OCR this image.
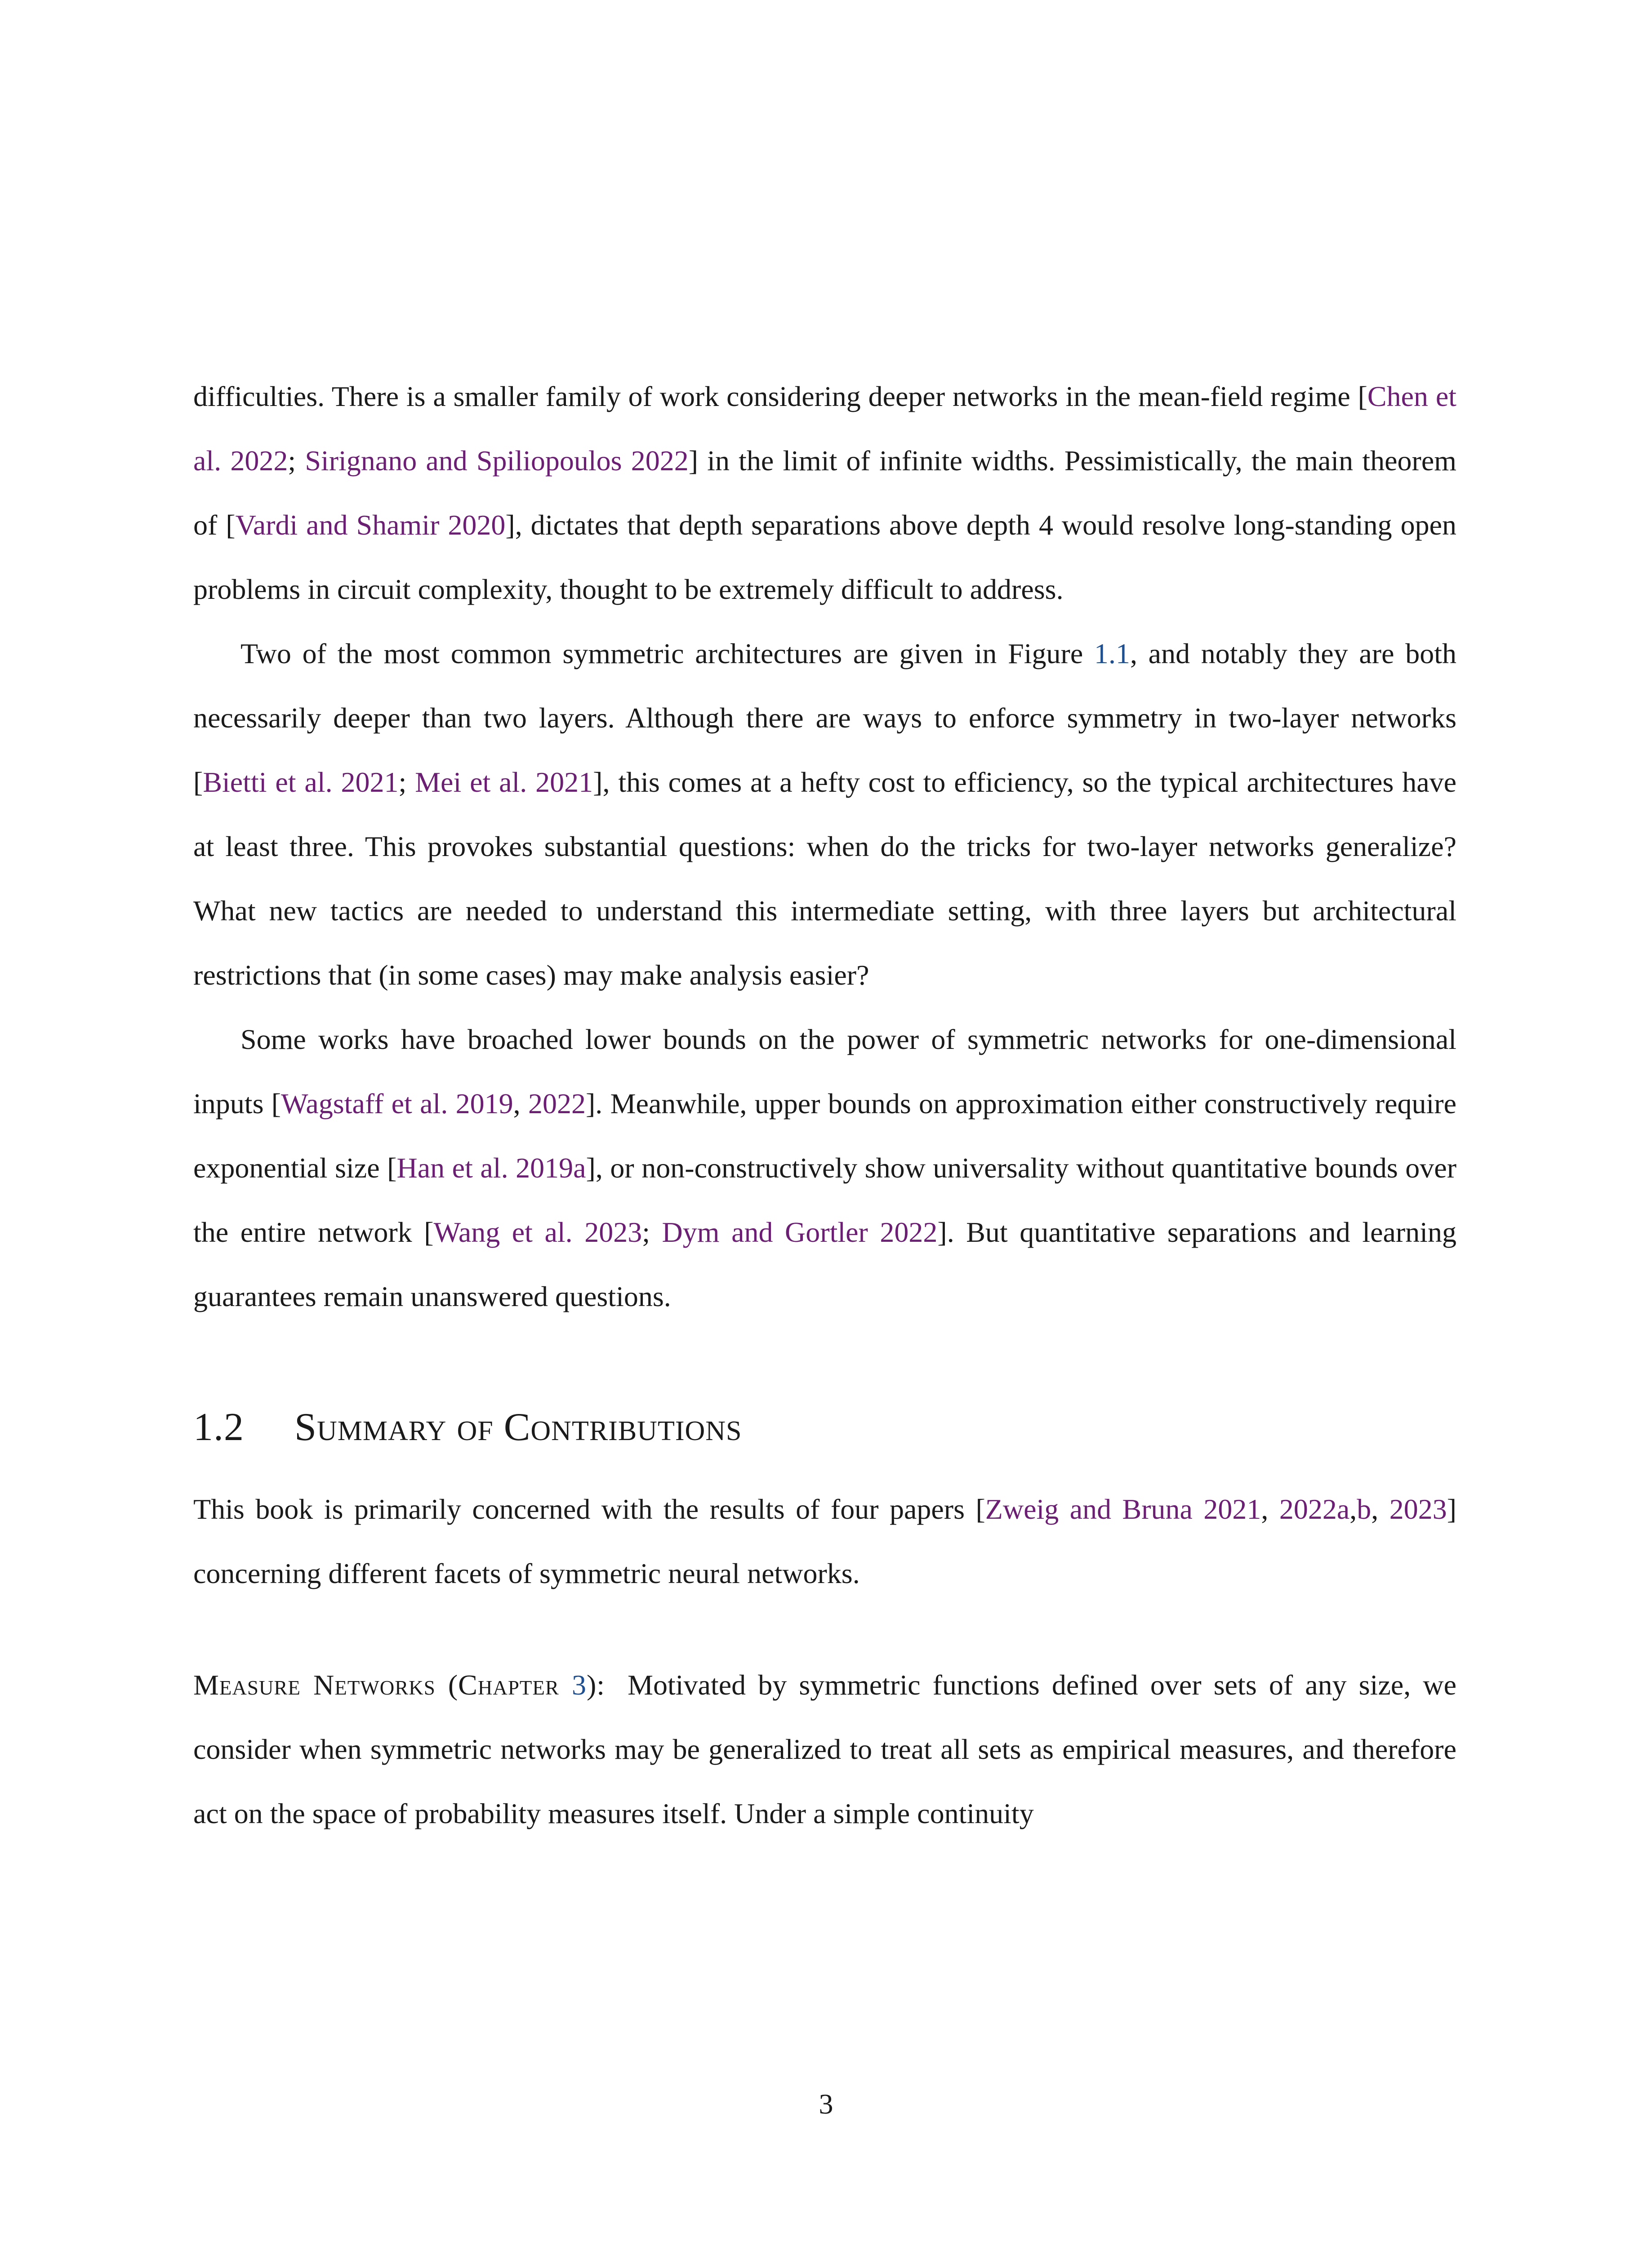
difficulties. There is a smaller family of work considering deeper networks in the mean-field regime [Chen et al. 2022; Sirignano and Spiliopoulos 2022] in the limit of infinite widths. Pessimistically, the main theorem of [Vardi and Shamir 2020], dictates that depth separations above depth 4 would resolve long-standing open problems in circuit complexity, thought to be extremely difficult to address.

Two of the most common symmetric architectures are given in Figure 1.1, and notably they are both necessarily deeper than two layers. Although there are ways to enforce symmetry in two-layer networks [Bietti et al. 2021; Mei et al. 2021], this comes at a hefty cost to efficiency, so the typical architectures have at least three. This provokes substantial questions: when do the tricks for two-layer networks generalize? What new tactics are needed to understand this intermediate setting, with three layers but architectural restrictions that (in some cases) may make analysis easier?

Some works have broached lower bounds on the power of symmetric networks for one-dimensional inputs [Wagstaff et al. 2019, 2022]. Meanwhile, upper bounds on approximation either constructively require exponential size [Han et al. 2019a], or non-constructively show universality without quantitative bounds over the entire network [Wang et al. 2023; Dym and Gortler 2022]. But quantitative separations and learning guarantees remain unanswered questions.

1.2	Summary of Contributions

This book is primarily concerned with the results of four papers [Zweig and Bruna 2021, 2022a,b, 2023] concerning different facets of symmetric neural networks.

Measure Networks (Chapter 3): Motivated by symmetric functions defined over sets of any size, we consider when symmetric networks may be generalized to treat all sets as empirical measures, and therefore act on the space of probability measures itself. Under a simple continuity

3
